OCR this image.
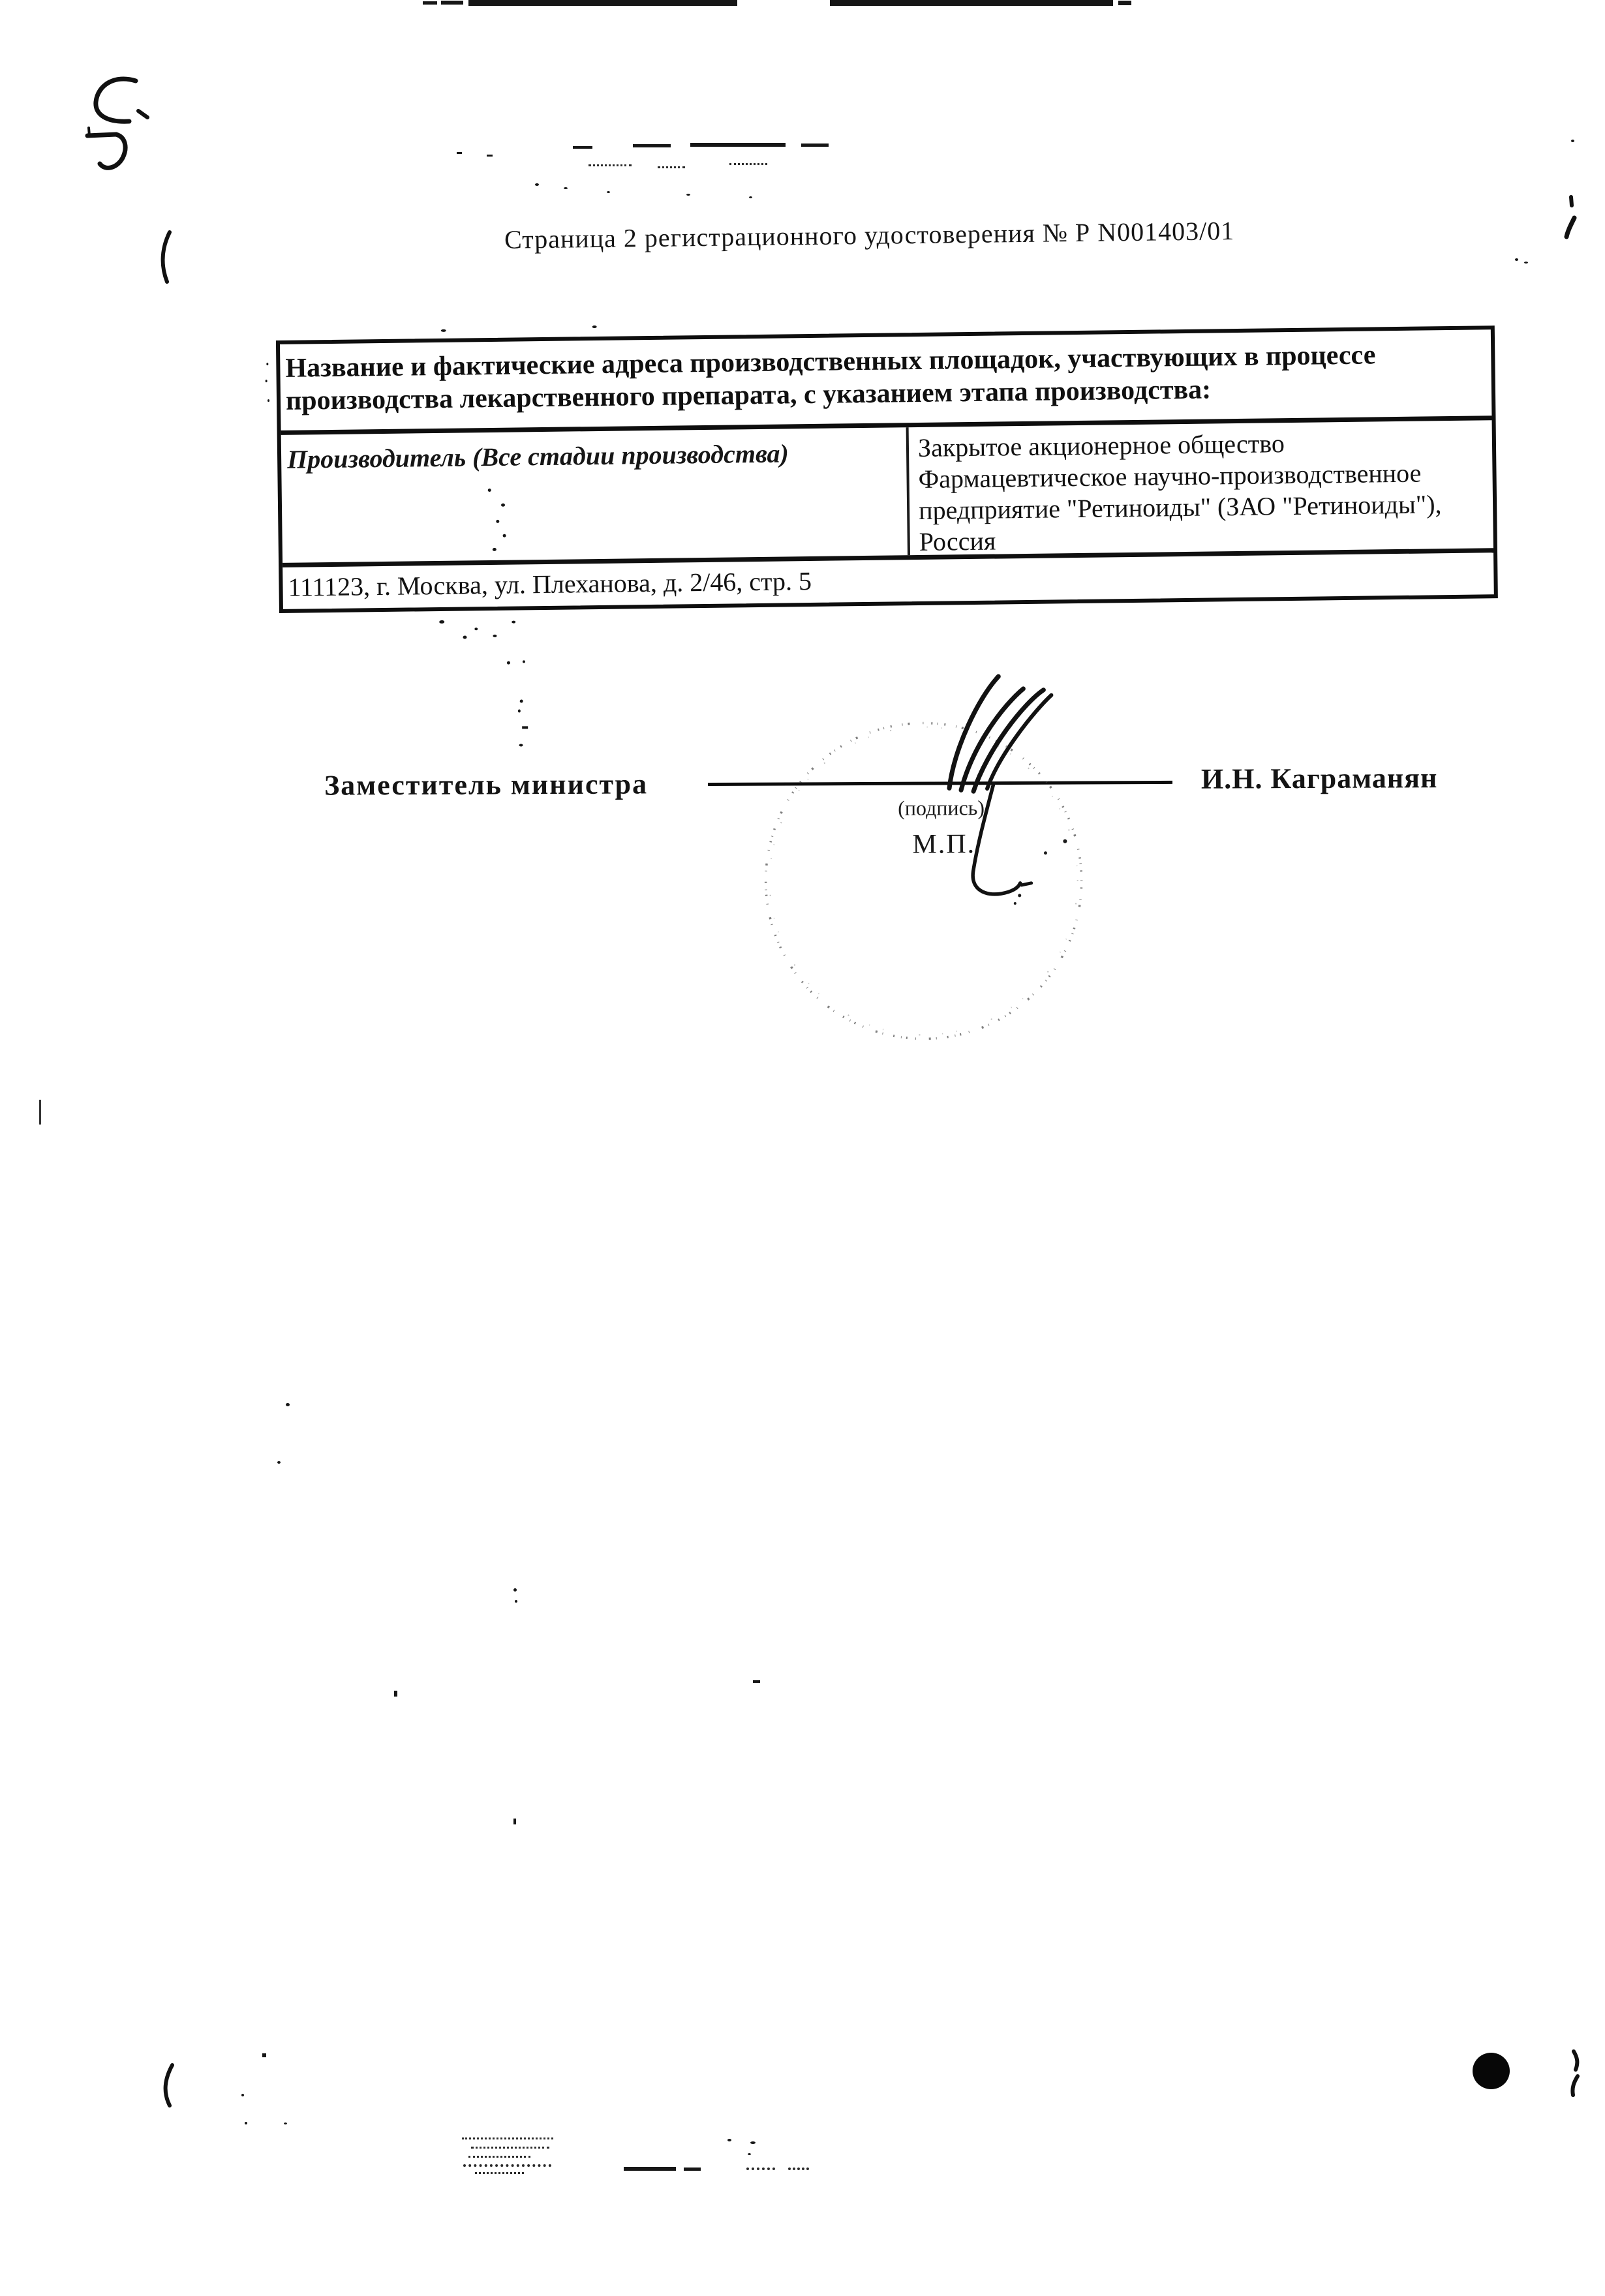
Страница 2 регистрационного удостоверения № Р N001403/01
Название и фактические адреса производственных площадок, участвующих в процессе
производства лекарственного препарата, с указанием этапа производства:
Производитель (Все стадии производства)	Закрытое акционерное общество
Фармацевтическое научно-производственное
предприятие "Ретиноиды" (ЗАО "Ретиноиды"),
Россия
111123, г. Москва, ул. Плеханова, д. 2/46, стр. 5
Заместитель министра
(подпись)
М.П.
И.Н. Каграманян
